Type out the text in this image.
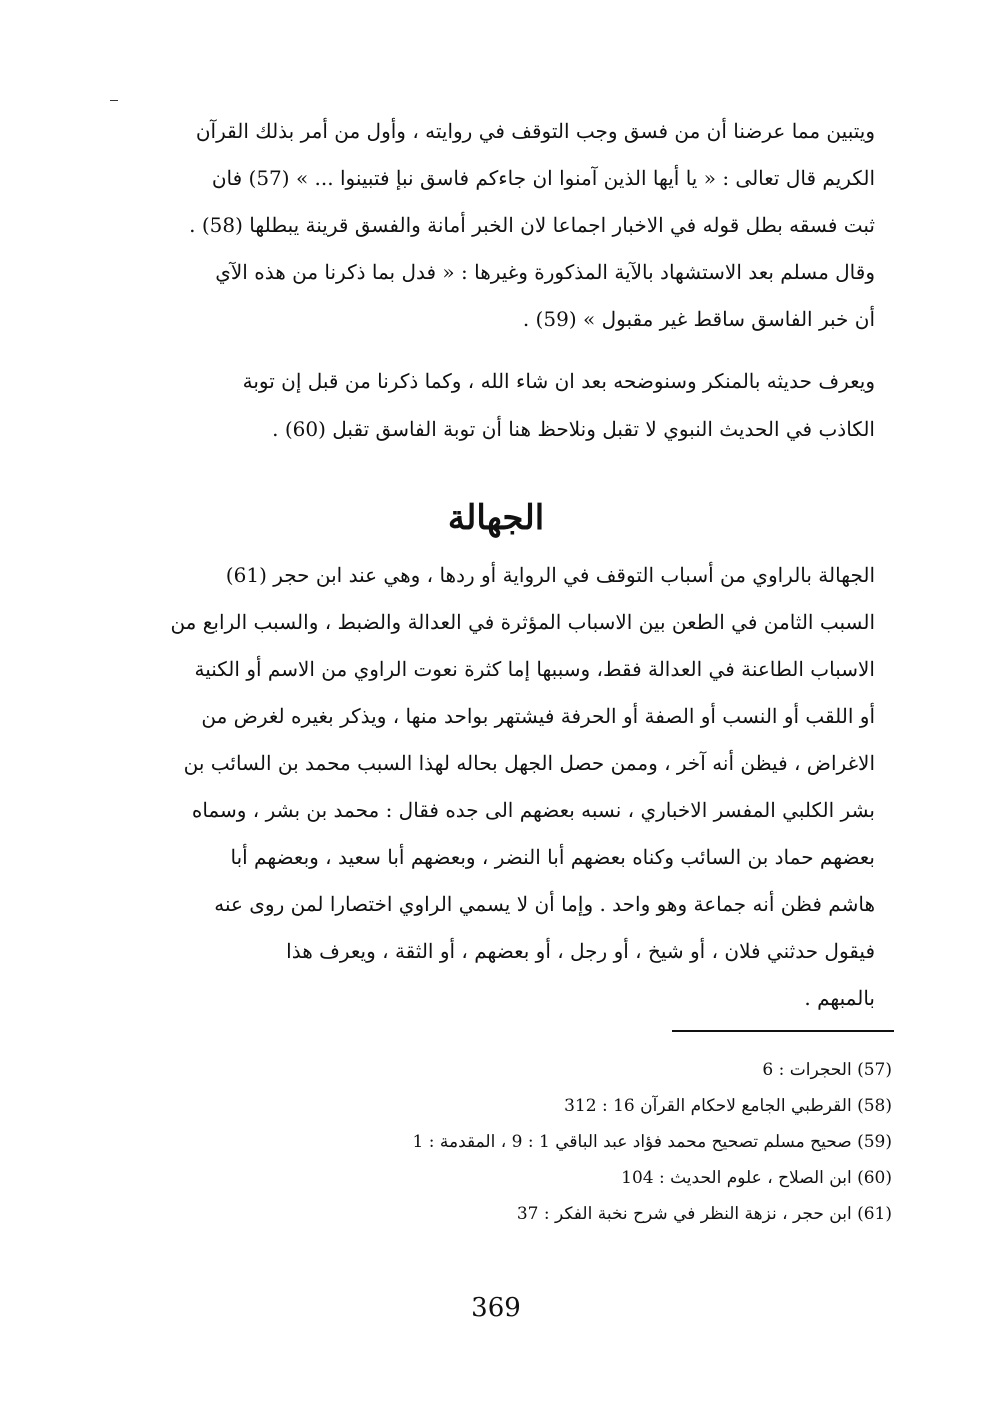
ويتبين مما عرضنا أن من فسق وجب التوقف في روايته ، وأول من أمر بذلك القرآن
الكريم قال تعالى : « يا أيها الذين آمنوا ان جاءكم فاسق نبإ فتبينوا ... » (57) فان
ثبت فسقه بطل قوله في الاخبار اجماعا لان الخبر أمانة والفسق قرينة يبطلها (58) .
وقال مسلم بعد الاستشهاد بالآية المذكورة وغيرها : « فدل بما ذكرنا من هذه الآي
أن خبر الفاسق ساقط غير مقبول » (59) .
ويعرف حديثه بالمنكر وسنوضحه بعد ان شاء الله ، وكما ذكرنا من قبل إن توبة
الكاذب في الحديث النبوي لا تقبل ونلاحظ هنا أن توبة الفاسق تقبل (60) .
الجهالة
الجهالة بالراوي من أسباب التوقف في الرواية أو ردها ، وهي عند ابن حجر (61)
السبب الثامن في الطعن بين الاسباب المؤثرة في العدالة والضبط ، والسبب الرابع من
الاسباب الطاعنة في العدالة فقط، وسببها إما كثرة نعوت الراوي من الاسم أو الكنية
أو اللقب أو النسب أو الصفة أو الحرفة فيشتهر بواحد منها ، ويذكر بغيره لغرض من
الاغراض ، فيظن أنه آخر ، وممن حصل الجهل بحاله لهذا السبب محمد بن السائب بن
بشر الكلبي المفسر الاخباري ، نسبه بعضهم الى جده فقال : محمد بن بشر ، وسماه
بعضهم حماد بن السائب وكناه بعضهم أبا النضر ، وبعضهم أبا سعيد ، وبعضهم أبا
هاشم فظن أنه جماعة وهو واحد . وإما أن لا يسمي الراوي اختصارا لمن روى عنه
فيقول حدثني فلان ، أو شيخ ، أو رجل ، أو بعضهم ، أو الثقة ، ويعرف هذا
بالمبهم .
(57) الحجرات : 6
(58) القرطبي الجامع لاحكام القرآن 16 : 312
(59) صحيح مسلم تصحيح محمد فؤاد عبد الباقي 1 : 9 ، المقدمة : 1
(60) ابن الصلاح ، علوم الحديث : 104
(61) ابن حجر ، نزهة النظر في شرح نخبة الفكر : 37
369
